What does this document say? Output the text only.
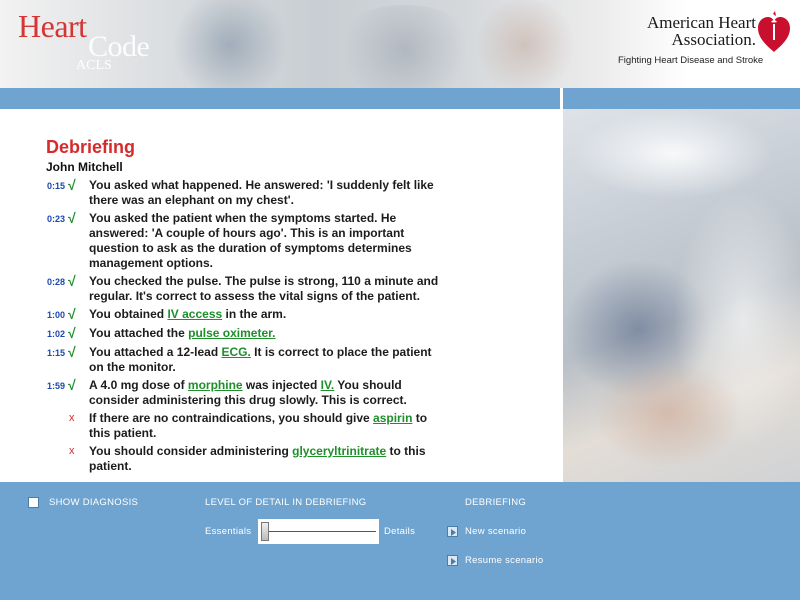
Heart
Code
ACLS
American Heart
Association.
Fighting Heart Disease and Stroke
Debriefing
John Mitchell
0:15 √ You asked what happened. He answered: 'I suddenly felt like there was an elephant on my chest'.
0:23 √ You asked the patient when the symptoms started. He answered: 'A couple of hours ago'. This is an important question to ask as the duration of symptoms determines management options.
0:28 √ You checked the pulse. The pulse is strong, 110 a minute and regular. It's correct to assess the vital signs of the patient.
1:00 √ You obtained IV access in the arm.
1:02 √ You attached the pulse oximeter.
1:15 √ You attached a 12-lead ECG. It is correct to place the patient on the monitor.
1:59 √ A 4.0 mg dose of morphine was injected IV. You should consider administering this drug slowly. This is correct.
x If there are no contraindications, you should give aspirin to this patient.
x You should consider administering glyceryltrinitrate to this patient.
SHOW DIAGNOSIS	LEVEL OF DETAIL IN DEBRIEFING
Essentials	Details
DEBRIEFING
New scenario
Resume scenario
